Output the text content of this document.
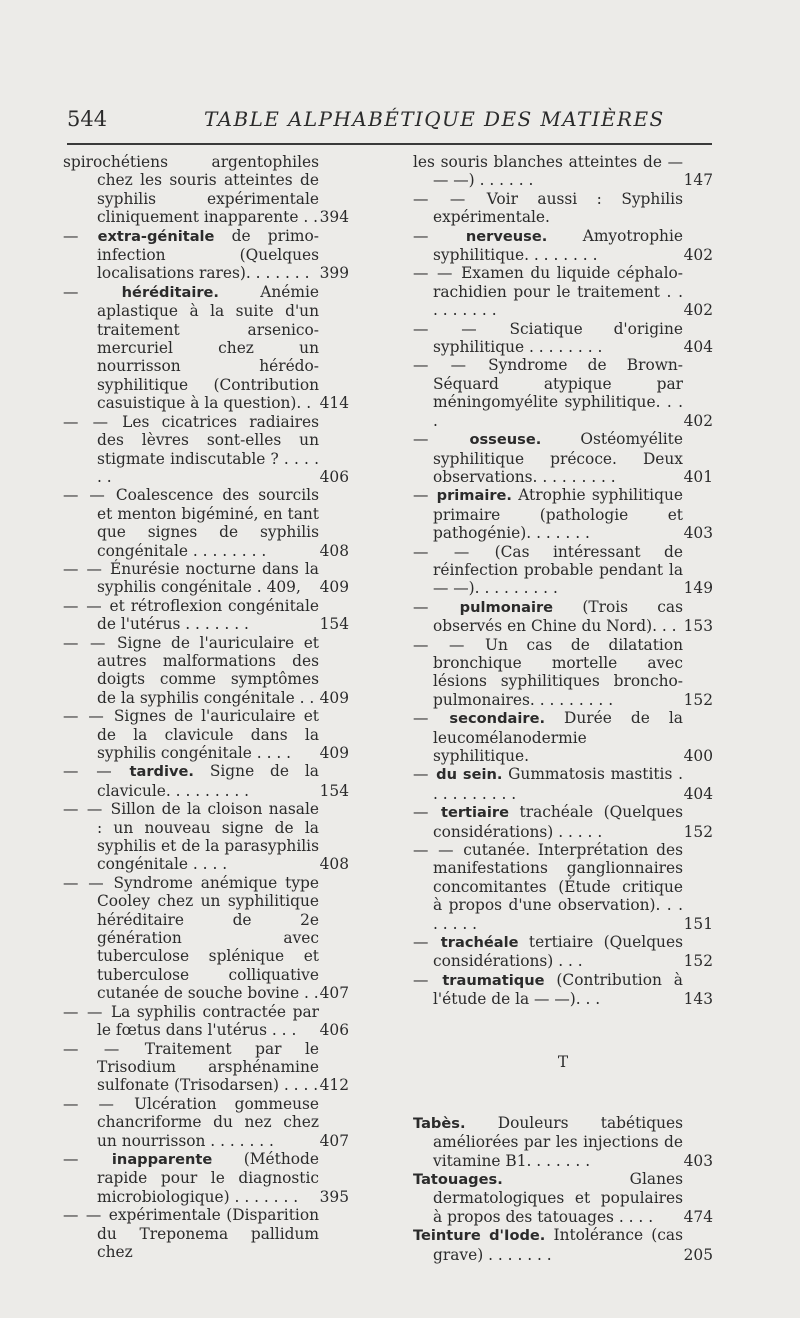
544	TABLE ALPHABÉTIQUE DES MATIÈRES
spirochétiens argentophiles chez les souris atteintes de syphilis expérimentale cliniquement inapparente . . 394
— extra-génitale de primo-infection (Quelques localisations rares). . . . . . . 399
— héréditaire. Anémie aplastique à la suite d'un traitement arsenico-mercuriel chez un nourrisson hérédo-syphilitique (Contribution casuistique à la question). . 414
— — Les cicatrices radiaires des lèvres sont-elles un stigmate indiscutable ? . . . . . .	406
— — Coalescence des sourcils et menton bigéminé, en tant que signes de syphilis congénitale . . . . . . . .	408
— — Énurésie nocturne dans la syphilis congénitale . 409,	409
— — et rétroflexion congénitale de l'utérus . . . . . . .	154
— — Signe de l'auriculaire et autres malformations des doigts comme symptômes de la syphilis congénitale . . 409
— — Signes de l'auriculaire et de la clavicule dans la syphilis congénitale . . . .	409
— — tardive. Signe de la clavicule. . . . . . . . .	154
— — Sillon de la cloison nasale : un nouveau signe de la syphilis et de la parasyphilis congénitale . . . .	408
— — Syndrome anémique type Cooley chez un syphilitique héréditaire de 2e génération avec tuberculose splénique et tuberculose colliquative cutanée de souche bovine . . 407
— — La syphilis contractée par le fœtus dans l'utérus . . .	406
— — Traitement par le Trisodium arsphénamine sulfonate (Trisodarsen) . . . . 412
— — Ulcération gommeuse chancriforme du nez chez un nourrisson . . . . . . .	407
— inapparente (Méthode rapide pour le diagnostic microbiologique) . . . . . . .	395
— — expérimentale (Disparition du Treponema pallidum chez
les souris blanches atteintes de — — —) . . . . . .	147
— — Voir aussi : Syphilis expérimentale.
— nerveuse. Amyotrophie syphilitique. . . . . . . .	402
— — Examen du liquide céphalo-rachidien pour le traitement . . . . . . . . .	402
— — Sciatique d'origine syphilitique . . . . . . . .	404
— — Syndrome de Brown-Séquard atypique par méningomyélite syphilitique. . . .	402
— osseuse. Ostéomyélite syphilitique précoce. Deux observations. . . . . . . . .	401
— primaire. Atrophie syphilitique primaire (pathologie et pathogénie). . . . . . .	403
— — (Cas intéressant de réinfection probable pendant la — —). . . . . . . . .	149
— pulmonaire (Trois cas observés en Chine du Nord). . . 153
— — Un cas de dilatation bronchique mortelle avec lésions syphilitiques broncho-pulmonaires. . . . . . . . .	152
— secondaire. Durée de la leucomélanodermie syphilitique.	400
— du sein. Gummatosis mastitis . . . . . . . . . .	404
— tertiaire trachéale (Quelques considérations) . . . . .	152
— — cutanée. Interprétation des manifestations ganglionnaires concomitantes (Étude critique à propos d'une observation). . . . . . . .	151
— trachéale tertiaire (Quelques considérations) . . .	152
— traumatique (Contribution à l'étude de la — —). . .	143
T
Tabès. Douleurs tabétiques améliorées par les injections de vitamine B1. . . . . . .	403
Tatouages. Glanes dermatologiques et populaires à propos des tatouages . . . .	474
Teinture d'Iode. Intolérance (cas grave) . . . . . . .	205
